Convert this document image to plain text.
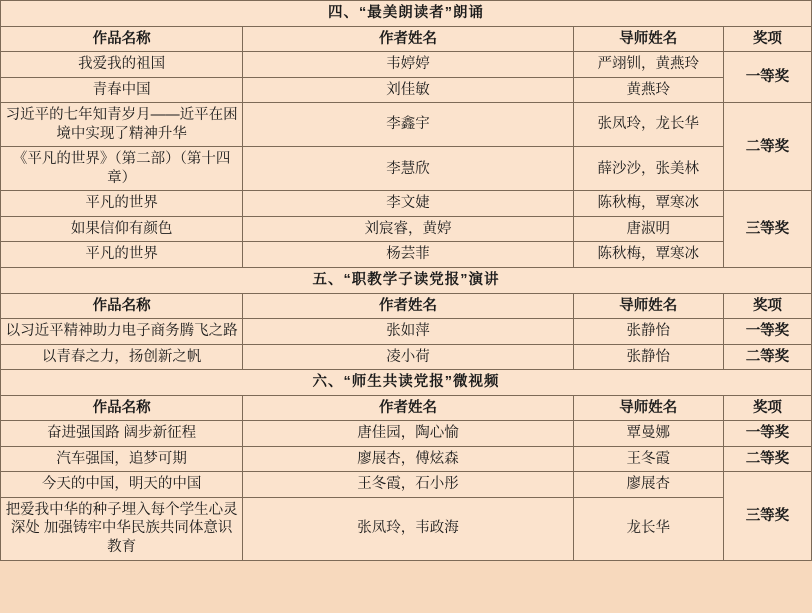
四、“最美朗读者”朗诵			
作品名称	作者姓名	导师姓名	奖项
我爱我的祖国	韦婷婷	严翊钏，黄燕玲	一等奖
青春中国	刘佳敏	黄燕玲	
习近平的七年知青岁月——近平在困境中实现了精神升华	李鑫宇	张凤玲，龙长华	二等奖
《平凡的世界》（第二部）（第十四章）	李慧欣	薛沙沙，张美林	
平凡的世界	李文婕	陈秋梅，覃寒冰	三等奖
如果信仰有颜色	刘宸睿，黄婷	唐淑明	
平凡的世界	杨芸菲	陈秋梅，覃寒冰	
五、“职教学子读党报”演讲			
作品名称	作者姓名	导师姓名	奖项
以习近平精神助力电子商务腾飞之路	张如萍	张静怡	一等奖
以青春之力，扬创新之帆	凌小荷	张静怡	二等奖
六、“师生共读党报”微视频			
作品名称	作者姓名	导师姓名	奖项
奋进强国路 阔步新征程	唐佳园，陶心愉	覃曼娜	一等奖
汽车强国，追梦可期	廖展杏，傅炫森	王冬霞	二等奖
今天的中国，明天的中国	王冬霞，石小彤	廖展杏	三等奖
把爱我中华的种子埋入每个学生心灵深处 加强铸牢中华民族共同体意识教育	张凤玲，韦政海	龙长华	
